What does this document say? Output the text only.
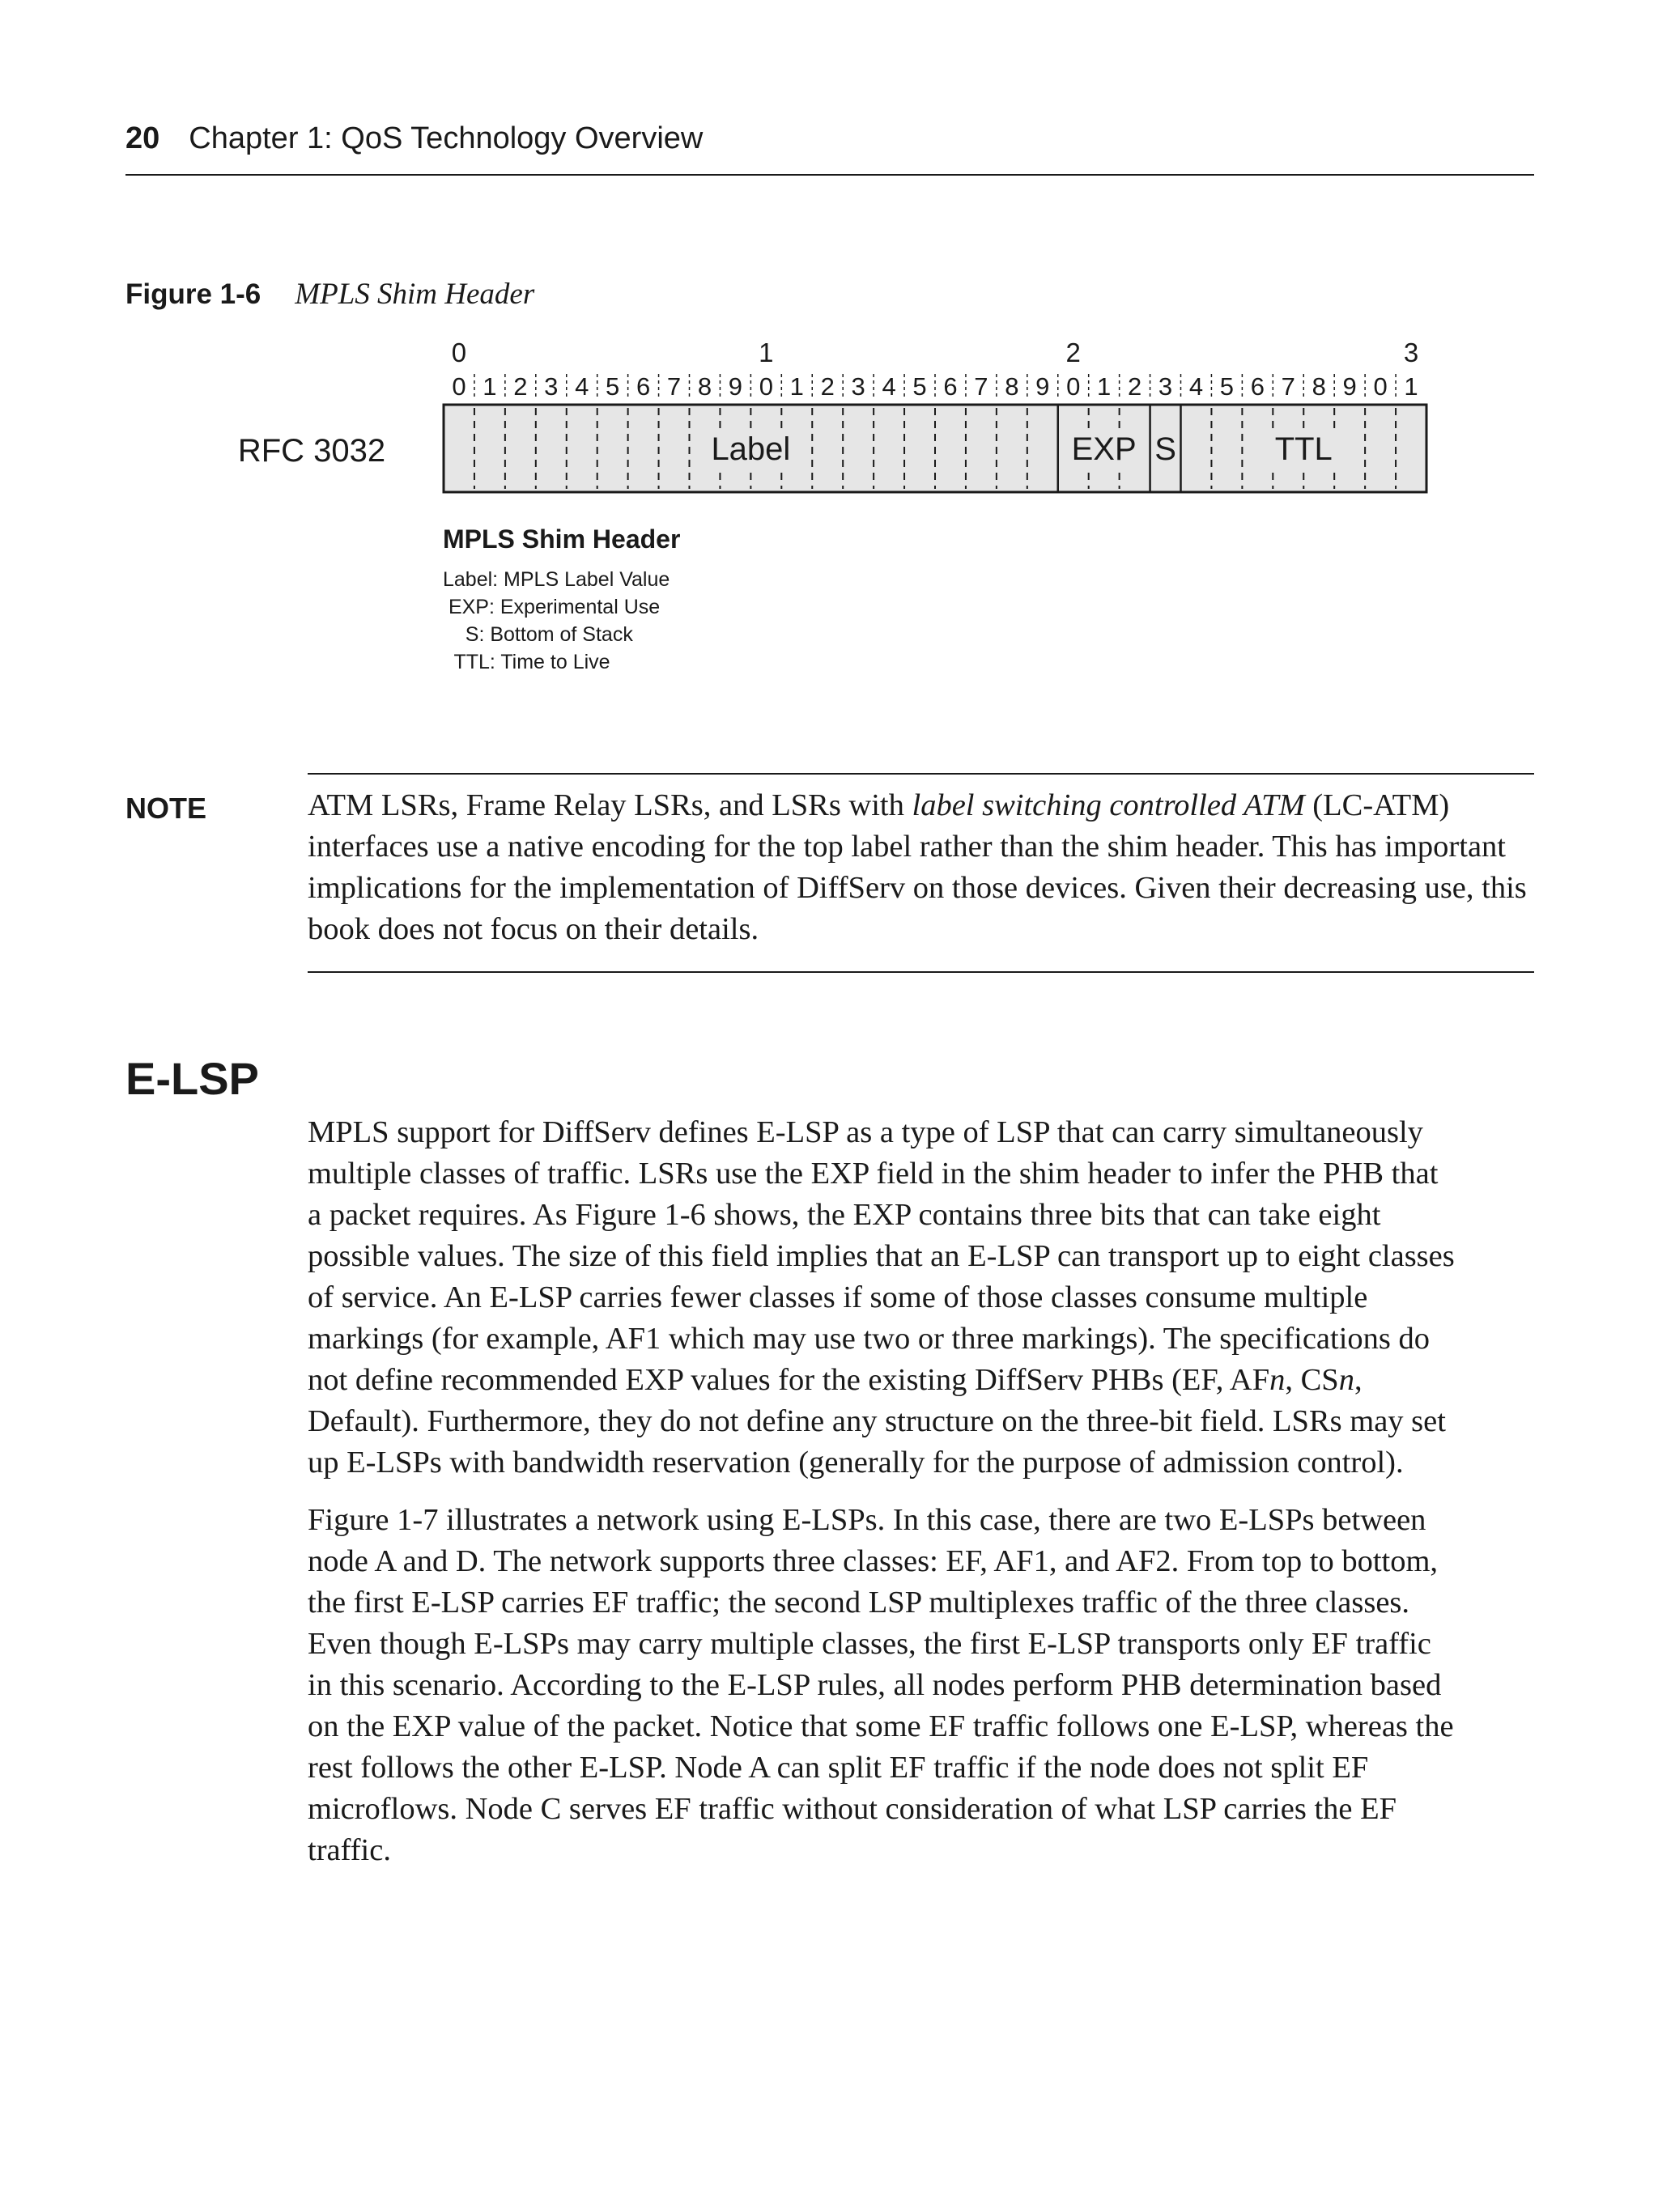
20 Chapter 1: QoS Technology Overview
Figure 1-6 MPLS Shim Header
RFC 3032	Label	EXP S	TTL
0	1	2	3
0 1 2 3 4 5 6 7 8 9 0 1 2 3 4 5 6 7 8 9 0 1 2 3 4 5 6 7 8 9 0 1
MPLS Shim Header
Label: MPLS Label Value
EXP: Experimental Use
S: Bottom of Stack
TTL: Time to Live
NOTE	ATM LSRs, Frame Relay LSRs, and LSRs with label switching controlled ATM (LC-ATM) interfaces use a native encoding for the top label rather than the shim header. This has important implications for the implementation of DiffServ on those devices. Given their decreasing use, this book does not focus on their details.
E-LSP
MPLS support for DiffServ defines E-LSP as a type of LSP that can carry simultaneously
multiple classes of traffic. LSRs use the EXP field in the shim header to infer the PHB that
a packet requires. As Figure 1-6 shows, the EXP contains three bits that can take eight
possible values. The size of this field implies that an E-LSP can transport up to eight classes
of service. An E-LSP carries fewer classes if some of those classes consume multiple
markings (for example, AF1 which may use two or three markings). The specifications do
not define recommended EXP values for the existing DiffServ PHBs (EF, AFn, CSn,
Default). Furthermore, they do not define any structure on the three-bit field. LSRs may set
up E-LSPs with bandwidth reservation (generally for the purpose of admission control).
Figure 1-7 illustrates a network using E-LSPs. In this case, there are two E-LSPs between
node A and D. The network supports three classes: EF, AF1, and AF2. From top to bottom,
the first E-LSP carries EF traffic; the second LSP multiplexes traffic of the three classes.
Even though E-LSPs may carry multiple classes, the first E-LSP transports only EF traffic
in this scenario. According to the E-LSP rules, all nodes perform PHB determination based
on the EXP value of the packet. Notice that some EF traffic follows one E-LSP, whereas the
rest follows the other E-LSP. Node A can split EF traffic if the node does not split EF
microflows. Node C serves EF traffic without consideration of what LSP carries the EF
traffic.
